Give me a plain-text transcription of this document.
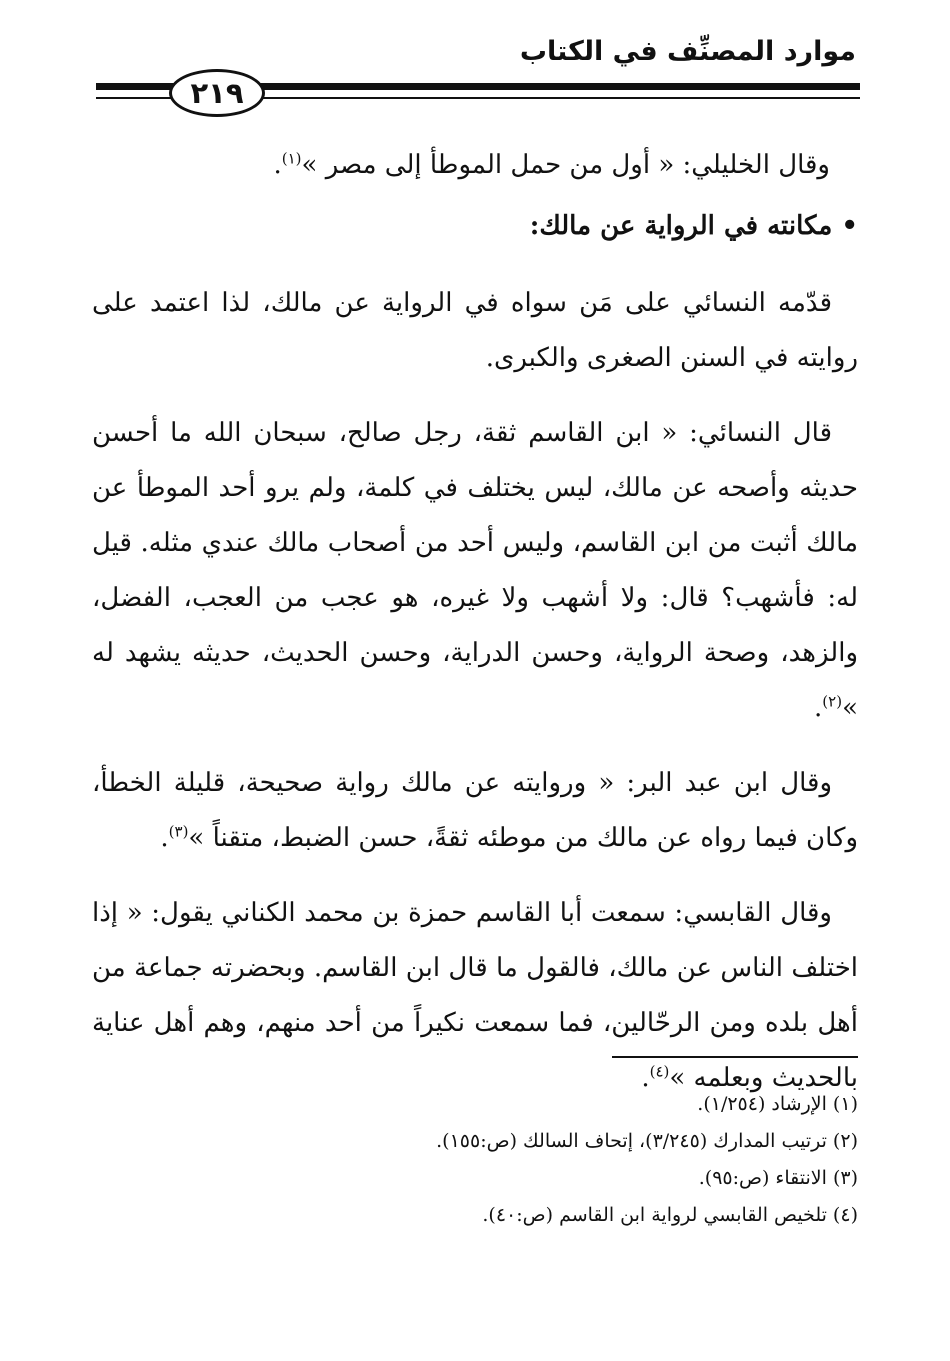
موارد المصنِّف في الكتاب
٢١٩

وقال الخليلي: « أول من حمل الموطأ إلى مصر »$^{(١)}$.

• مكانته في الرواية عن مالك:

قدّمه النسائي على مَن سواه في الرواية عن مالك، لذا اعتمد على روايته في السنن الصغرى والكبرى.

قال النسائي: « ابن القاسم ثقة، رجل صالح، سبحان الله ما أحسن حديثه وأصحه عن مالك، ليس يختلف في كلمة، ولم يرو أحد الموطأ عن مالك أثبت من ابن القاسم، وليس أحد من أصحاب مالك عندي مثله. قيل له: فأشهب؟ قال: ولا أشهب ولا غيره، هو عجب من العجب، الفضل، والزهد، وصحة الرواية، وحسن الدراية، وحسن الحديث، حديثه يشهد له »$^{(٢)}$.

وقال ابن عبد البر: « وروايته عن مالك رواية صحيحة، قليلة الخطأ، وكان فيما رواه عن مالك من موطئه ثقةً، حسن الضبط، متقناً »$^{(٣)}$.

وقال القابسي: سمعت أبا القاسم حمزة بن محمد الكناني يقول: « إذا اختلف الناس عن مالك، فالقول ما قال ابن القاسم. وبحضرته جماعة من أهل بلده ومن الرحّالين، فما سمعت نكيراً من أحد منهم، وهم أهل عناية بالحديث وبعلمه »$^{(٤)}$.

(١) الإرشاد (١/٢٥٤).
(٢) ترتيب المدارك (٣/٢٤٥)، إتحاف السالك (ص:١٥٥).
(٣) الانتقاء (ص:٩٥).
(٤) تلخيص القابسي لرواية ابن القاسم (ص:٤٠).
